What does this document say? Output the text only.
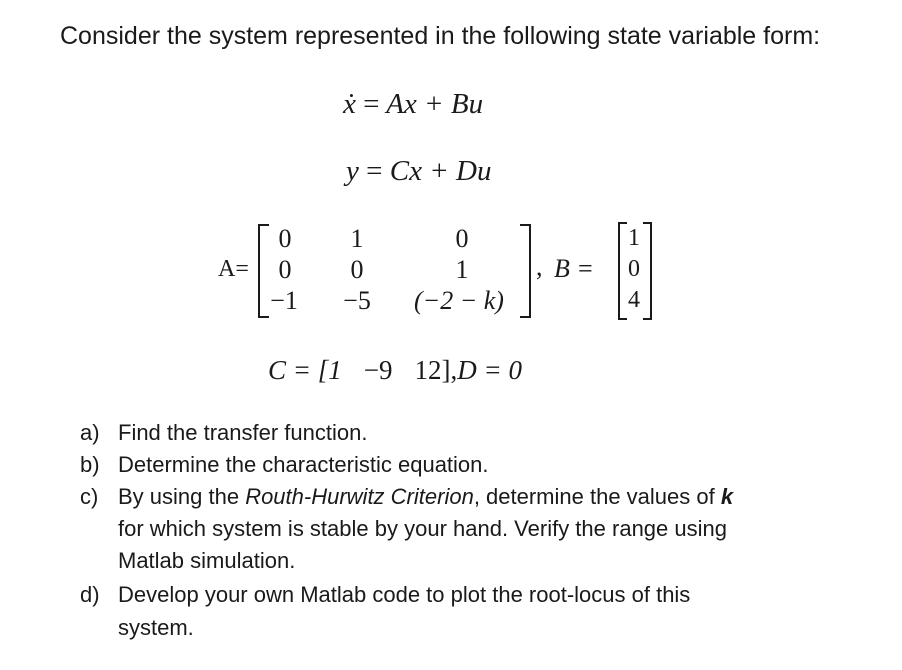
Consider the system represented in the following state variable form:
ẋ = Ax + Bu
y = Cx + Du
A=
0	1	0
0	0	1
−1	−5	(−2 − k)
, B =
1
0
4
C = [1 −9 12],D = 0
a) Find the transfer function.
b) Determine the characteristic equation.
c) By using the Routh-Hurwitz Criterion, determine the values of k
for which system is stable by your hand. Verify the range using
Matlab simulation.
d) Develop your own Matlab code to plot the root-locus of this
system.
